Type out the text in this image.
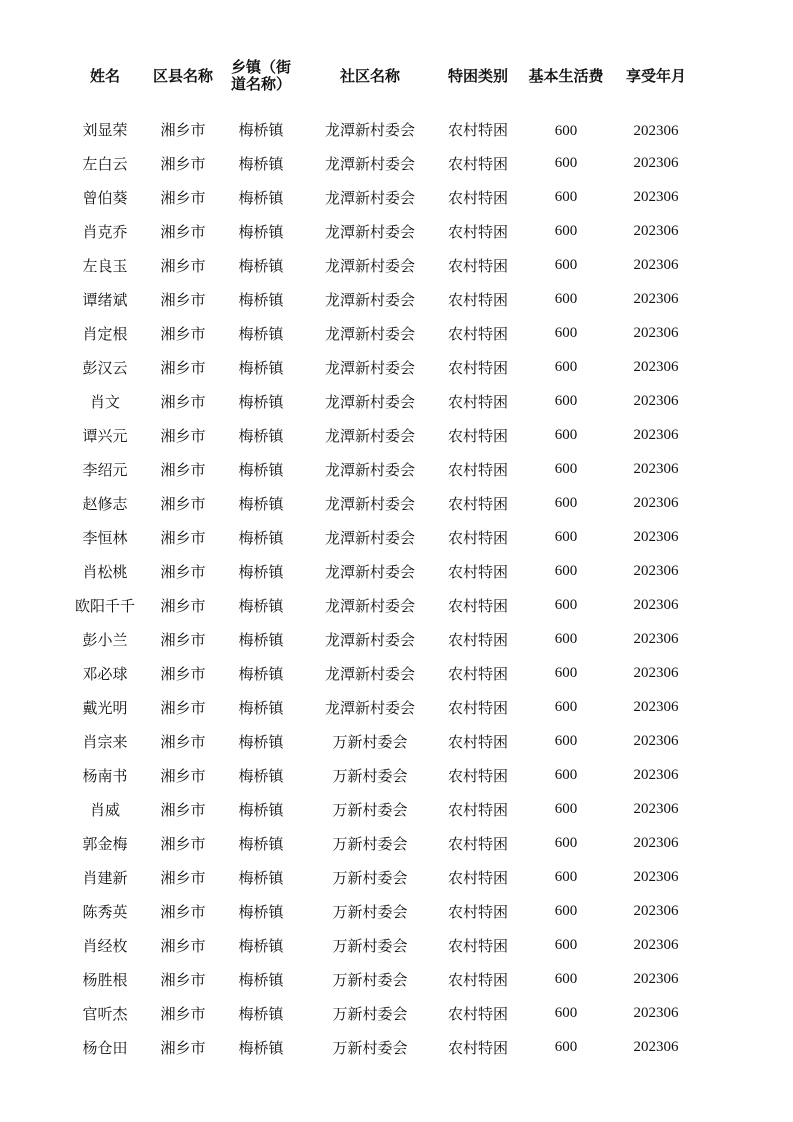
姓名	区县名称	乡镇（街道名称）	社区名称	特困类别	基本生活费	享受年月
刘显荣	湘乡市	梅桥镇	龙潭新村委会	农村特困	600	202306
左白云	湘乡市	梅桥镇	龙潭新村委会	农村特困	600	202306
曾伯葵	湘乡市	梅桥镇	龙潭新村委会	农村特困	600	202306
肖克乔	湘乡市	梅桥镇	龙潭新村委会	农村特困	600	202306
左良玉	湘乡市	梅桥镇	龙潭新村委会	农村特困	600	202306
谭绪斌	湘乡市	梅桥镇	龙潭新村委会	农村特困	600	202306
肖定根	湘乡市	梅桥镇	龙潭新村委会	农村特困	600	202306
彭汉云	湘乡市	梅桥镇	龙潭新村委会	农村特困	600	202306
肖文	湘乡市	梅桥镇	龙潭新村委会	农村特困	600	202306
谭兴元	湘乡市	梅桥镇	龙潭新村委会	农村特困	600	202306
李绍元	湘乡市	梅桥镇	龙潭新村委会	农村特困	600	202306
赵修志	湘乡市	梅桥镇	龙潭新村委会	农村特困	600	202306
李恒林	湘乡市	梅桥镇	龙潭新村委会	农村特困	600	202306
肖松桃	湘乡市	梅桥镇	龙潭新村委会	农村特困	600	202306
欧阳千千	湘乡市	梅桥镇	龙潭新村委会	农村特困	600	202306
彭小兰	湘乡市	梅桥镇	龙潭新村委会	农村特困	600	202306
邓必球	湘乡市	梅桥镇	龙潭新村委会	农村特困	600	202306
戴光明	湘乡市	梅桥镇	龙潭新村委会	农村特困	600	202306
肖宗来	湘乡市	梅桥镇	万新村委会	农村特困	600	202306
杨南书	湘乡市	梅桥镇	万新村委会	农村特困	600	202306
肖威	湘乡市	梅桥镇	万新村委会	农村特困	600	202306
郭金梅	湘乡市	梅桥镇	万新村委会	农村特困	600	202306
肖建新	湘乡市	梅桥镇	万新村委会	农村特困	600	202306
陈秀英	湘乡市	梅桥镇	万新村委会	农村特困	600	202306
肖经枚	湘乡市	梅桥镇	万新村委会	农村特困	600	202306
杨胜根	湘乡市	梅桥镇	万新村委会	农村特困	600	202306
官听杰	湘乡市	梅桥镇	万新村委会	农村特困	600	202306
杨仓田	湘乡市	梅桥镇	万新村委会	农村特困	600	202306
